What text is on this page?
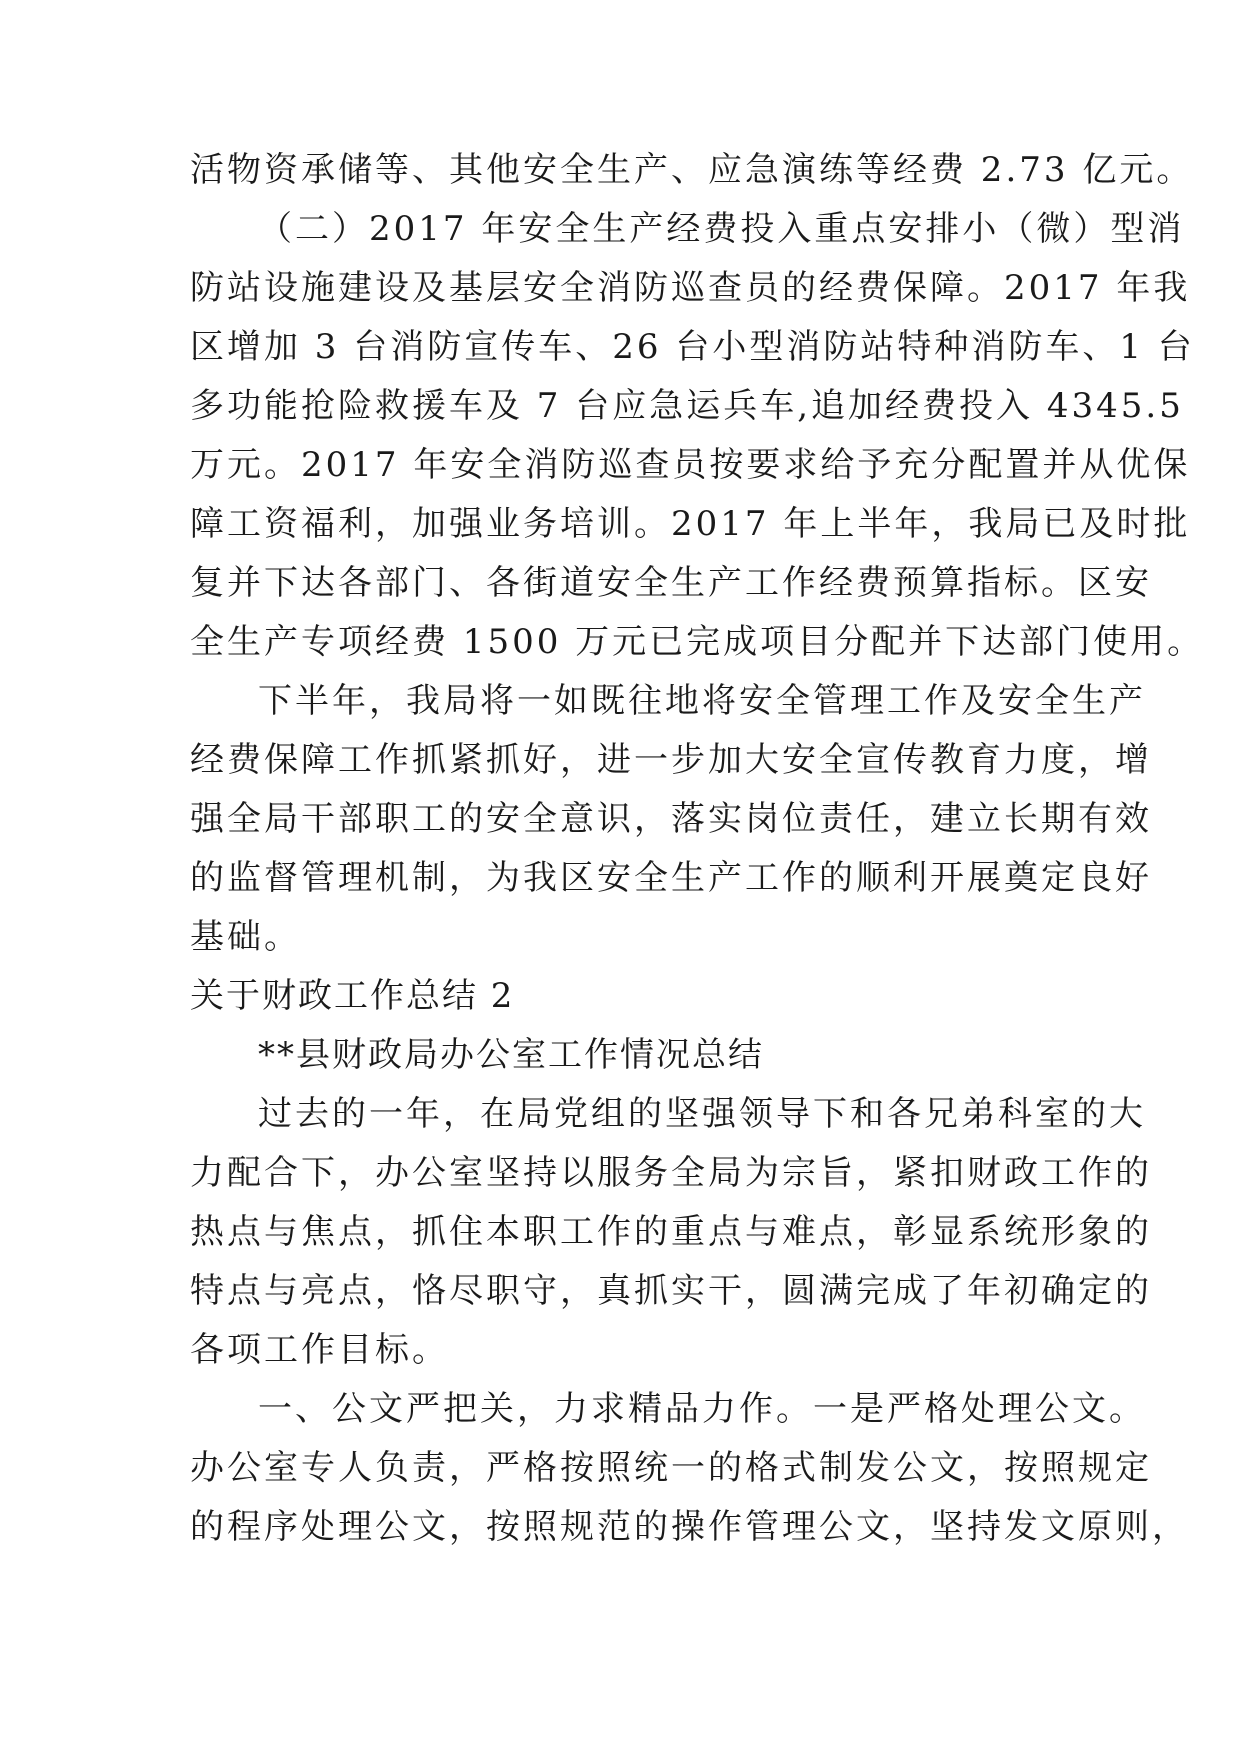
活物资承储等、其他安全生产、应急演练等经费 2.73 亿元。
（二）2017 年安全生产经费投入重点安排小（微）型消
防站设施建设及基层安全消防巡查员的经费保障。2017 年我
区增加 3 台消防宣传车、26 台小型消防站特种消防车、1 台
多功能抢险救援车及 7 台应急运兵车,追加经费投入 4345.5
万元。2017 年安全消防巡查员按要求给予充分配置并从优保
障工资福利，加强业务培训。2017 年上半年，我局已及时批
复并下达各部门、各街道安全生产工作经费预算指标。区安
全生产专项经费 1500 万元已完成项目分配并下达部门使用。
下半年，我局将一如既往地将安全管理工作及安全生产
经费保障工作抓紧抓好，进一步加大安全宣传教育力度，增
强全局干部职工的安全意识，落实岗位责任，建立长期有效
的监督管理机制，为我区安全生产工作的顺利开展奠定良好
基础。
关于财政工作总结 2
**县财政局办公室工作情况总结
过去的一年，在局党组的坚强领导下和各兄弟科室的大
力配合下，办公室坚持以服务全局为宗旨，紧扣财政工作的
热点与焦点，抓住本职工作的重点与难点，彰显系统形象的
特点与亮点，恪尽职守，真抓实干，圆满完成了年初确定的
各项工作目标。
一、公文严把关，力求精品力作。一是严格处理公文。
办公室专人负责，严格按照统一的格式制发公文，按照规定
的程序处理公文，按照规范的操作管理公文，坚持发文原则，
